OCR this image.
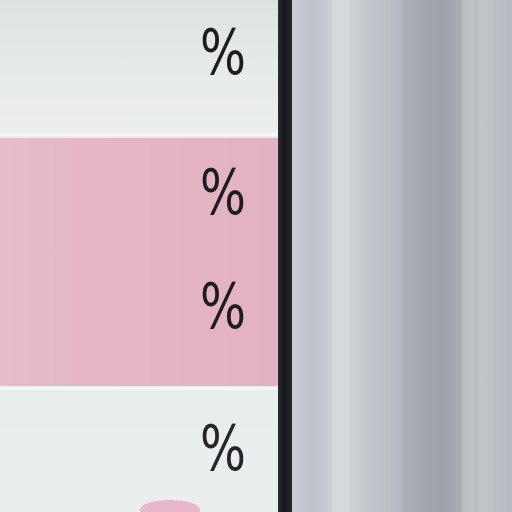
%
%
%
%
